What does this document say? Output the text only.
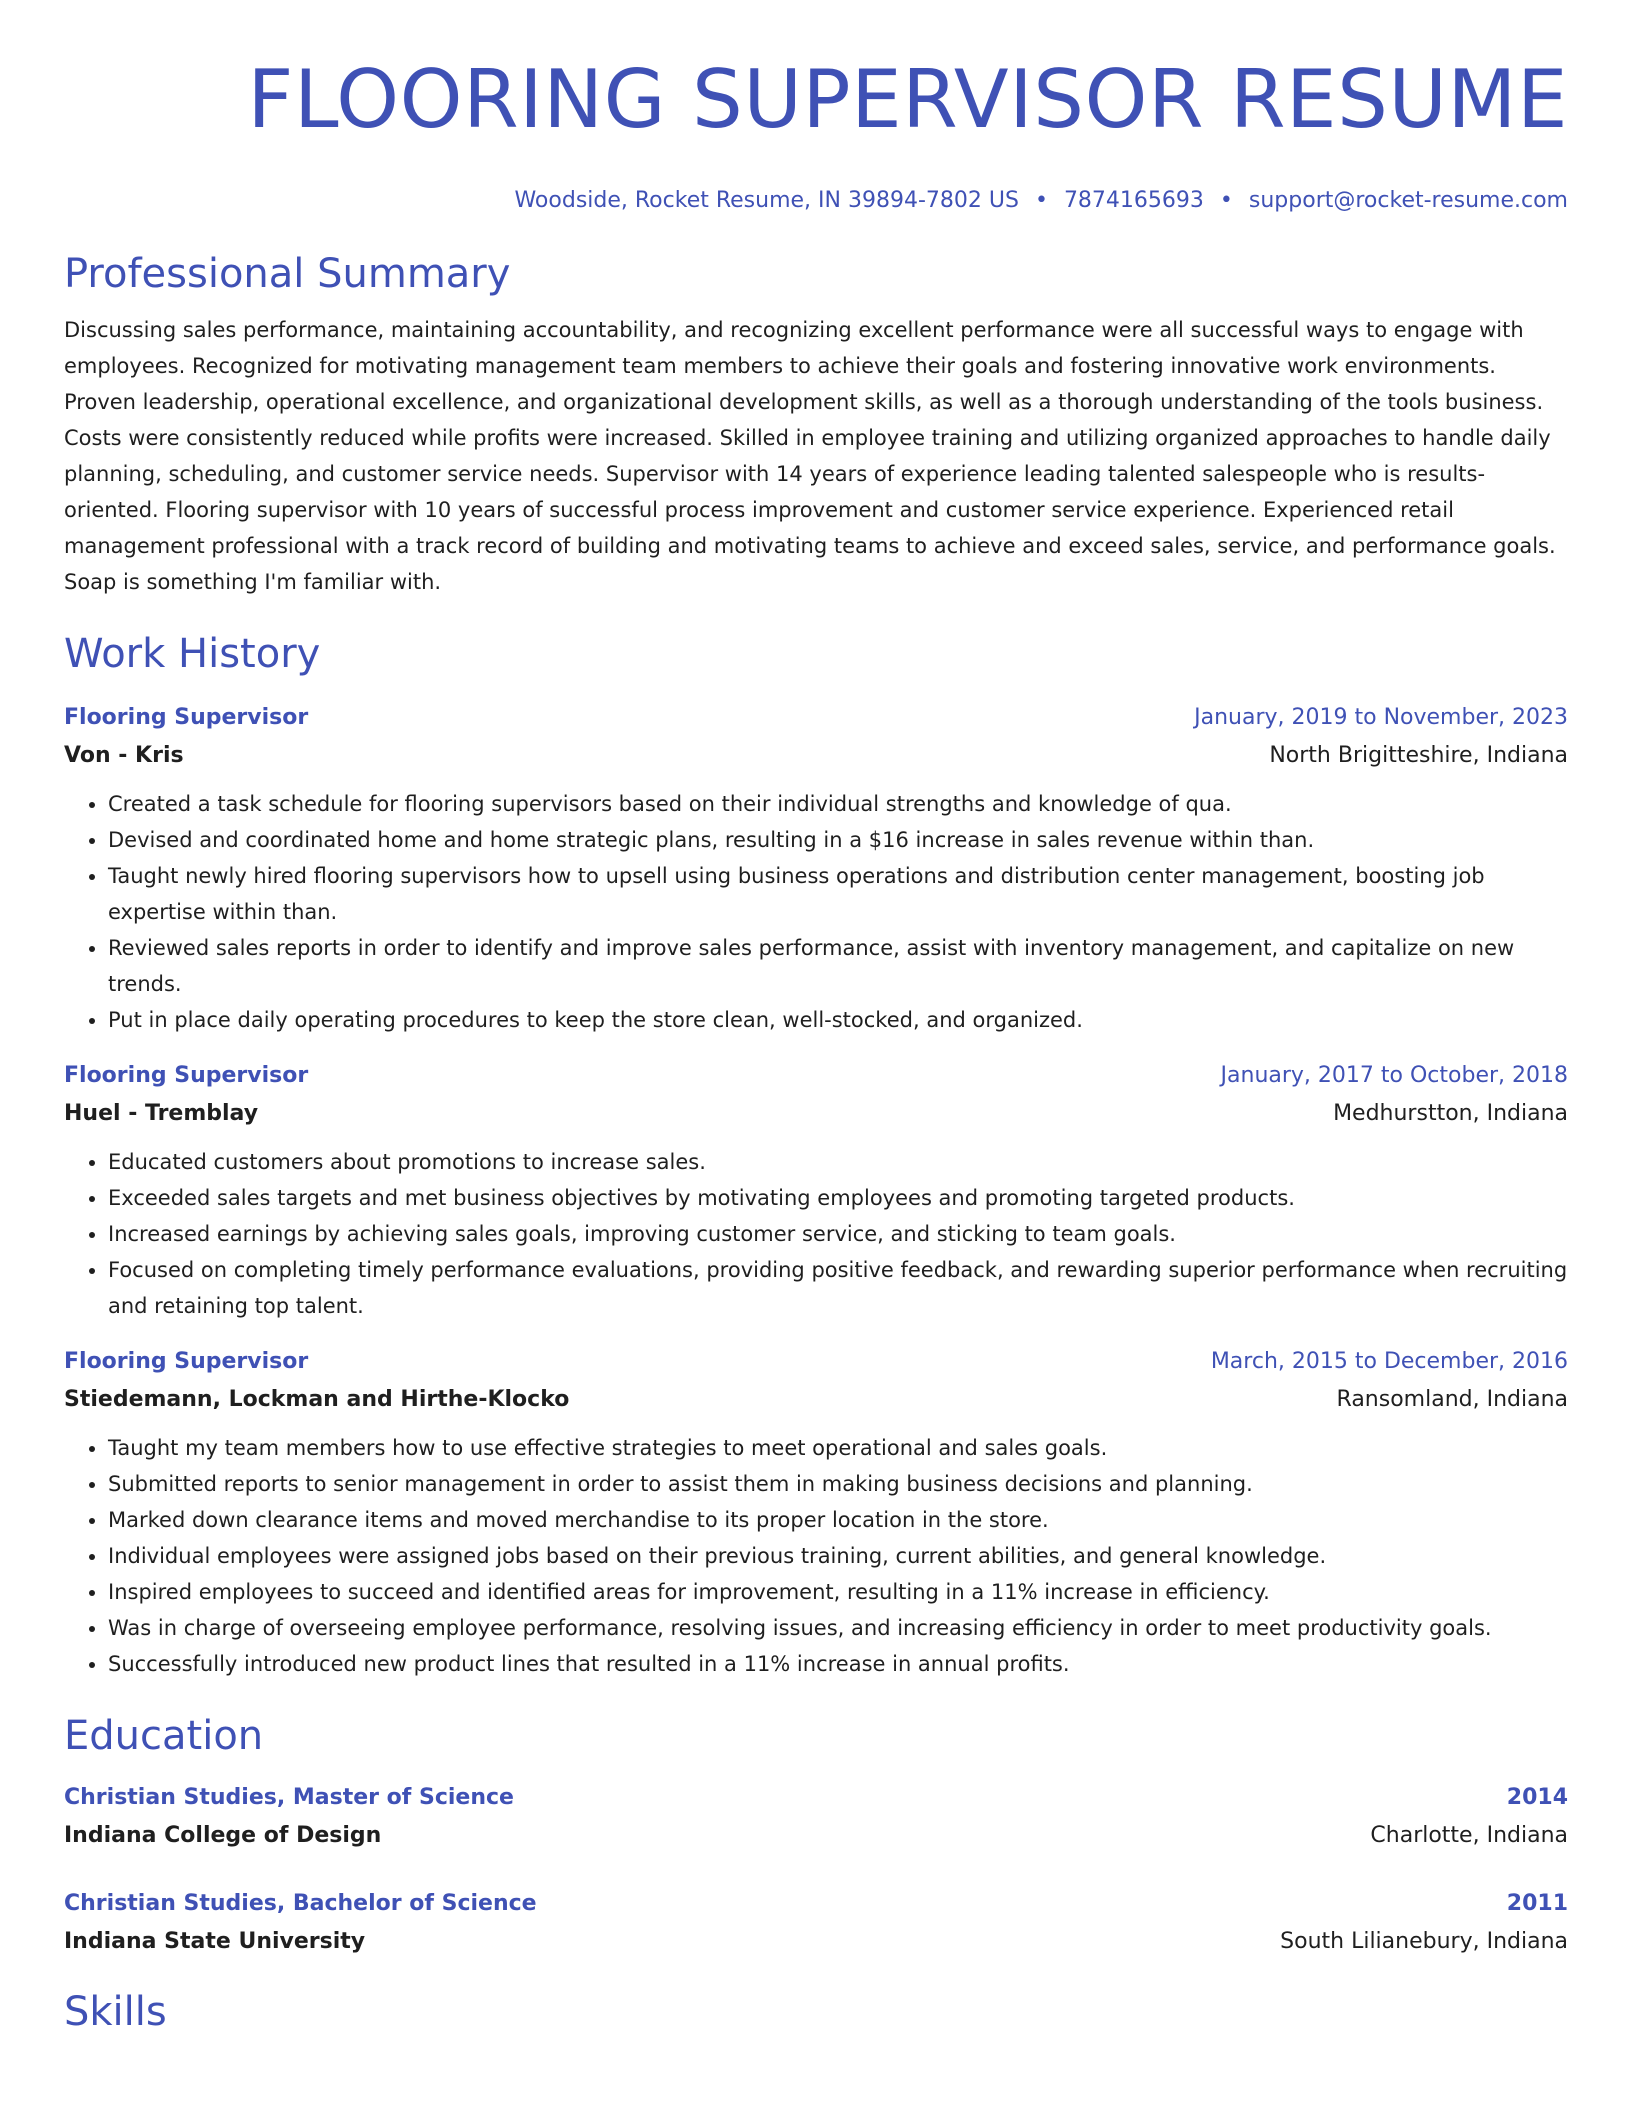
FLOORING SUPERVISOR RESUME
Woodside, Rocket Resume, IN 39894-7802 US • 7874165693 • support@rocket-resume.com
Professional Summary

Discussing sales performance, maintaining accountability, and recognizing excellent performance were all successful ways to engage with employees. Recognized for motivating management team members to achieve their goals and fostering innovative work environments. Proven leadership, operational excellence, and organizational development skills, as well as a thorough understanding of the tools business. Costs were consistently reduced while profits were increased. Skilled in employee training and utilizing organized approaches to handle daily planning, scheduling, and customer service needs. Supervisor with 14 years of experience leading talented salespeople who is results-oriented. Flooring supervisor with 10 years of successful process improvement and customer service experience. Experienced retail management professional with a track record of building and motivating teams to achieve and exceed sales, service, and performance goals. Soap is something I'm familiar with.

Work History
Flooring Supervisor	January, 2019 to November, 2023
Von - Kris	North Brigitteshire, Indiana
• Created a task schedule for flooring supervisors based on their individual strengths and knowledge of qua.
• Devised and coordinated home and home strategic plans, resulting in a $16 increase in sales revenue within than.
• Taught newly hired flooring supervisors how to upsell using business operations and distribution center management, boosting job expertise within than.
• Reviewed sales reports in order to identify and improve sales performance, assist with inventory management, and capitalize on new trends.
• Put in place daily operating procedures to keep the store clean, well-stocked, and organized.
Flooring Supervisor	January, 2017 to October, 2018
Huel - Tremblay	Medhurstton, Indiana
• Educated customers about promotions to increase sales.
• Exceeded sales targets and met business objectives by motivating employees and promoting targeted products.
• Increased earnings by achieving sales goals, improving customer service, and sticking to team goals.
• Focused on completing timely performance evaluations, providing positive feedback, and rewarding superior performance when recruiting and retaining top talent.
Flooring Supervisor	March, 2015 to December, 2016
Stiedemann, Lockman and Hirthe-Klocko	Ransomland, Indiana
• Taught my team members how to use effective strategies to meet operational and sales goals.
• Submitted reports to senior management in order to assist them in making business decisions and planning.
• Marked down clearance items and moved merchandise to its proper location in the store.
• Individual employees were assigned jobs based on their previous training, current abilities, and general knowledge.
• Inspired employees to succeed and identified areas for improvement, resulting in a 11% increase in efficiency.
• Was in charge of overseeing employee performance, resolving issues, and increasing efficiency in order to meet productivity goals.
• Successfully introduced new product lines that resulted in a 11% increase in annual profits.
Education
Christian Studies, Master of Science	2014
Indiana College of Design	Charlotte, Indiana
Christian Studies, Bachelor of Science	2011
Indiana State University	South Lilianebury, Indiana
Skills
